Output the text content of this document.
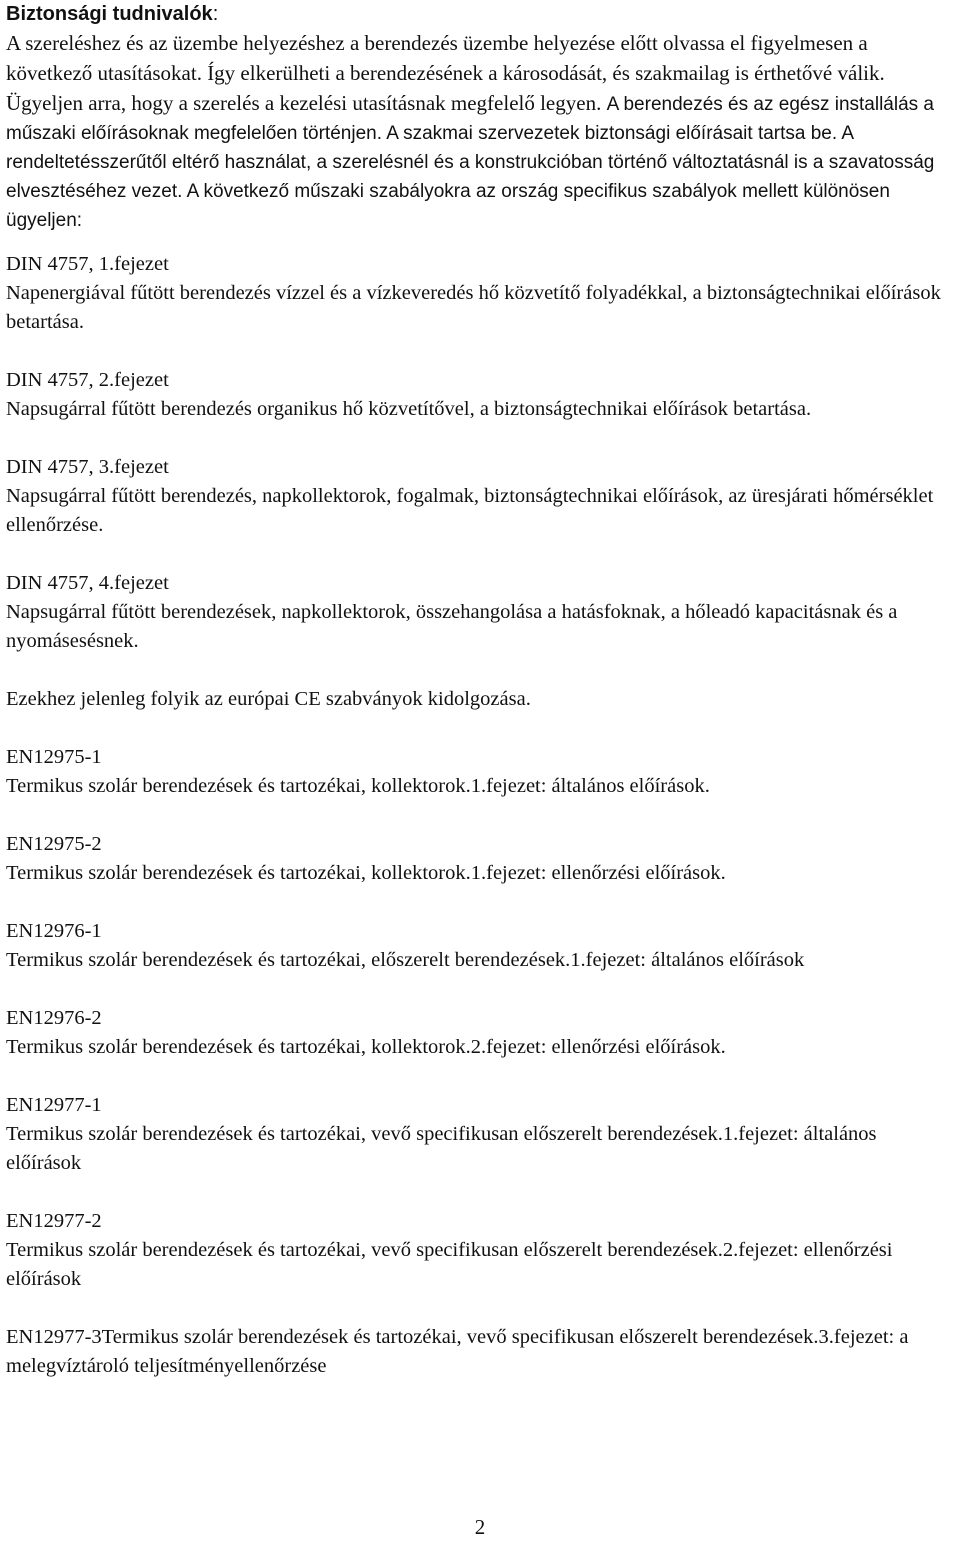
Biztonsági tudnivalók:

A szereléshez és az üzembe helyezéshez a berendezés üzembe helyezése előtt olvassa el figyelmesen a következő utasításokat. Így elkerülheti a berendezésének a károsodását, és szakmailag is érthetővé válik. Ügyeljen arra, hogy a szerelés a kezelési utasításnak megfelelő legyen. A berendezés és az egész installálás a műszaki előírásoknak megfelelően történjen. A szakmai szervezetek biztonsági előírásait tartsa be. A rendeltetésszerűtől eltérő használat, a szerelésnél és a konstrukcióban történő változtatásnál is a szavatosság elvesztéséhez vezet. A következő műszaki szabályokra az ország specifikus szabályok mellett különösen ügyeljen:

DIN 4757, 1.fejezet
Napenergiával fűtött berendezés vízzel és a vízkeveredés hő közvetítő folyadékkal, a biztonságtechnikai előírások betartása.
DIN 4757, 2.fejezet
Napsugárral fűtött berendezés organikus hő közvetítővel, a biztonságtechnikai előírások betartása.
DIN 4757, 3.fejezet
Napsugárral fűtött berendezés, napkollektorok, fogalmak, biztonságtechnikai előírások, az üresjárati hőmérséklet ellenőrzése.
DIN 4757, 4.fejezet
Napsugárral fűtött berendezések, napkollektorok, összehangolása a hatásfoknak, a hőleadó kapacitásnak és a nyomásesésnek.
Ezekhez jelenleg folyik az európai CE szabványok kidolgozása.
EN12975-1
Termikus szolár berendezések és tartozékai, kollektorok.1.fejezet: általános előírások.
EN12975-2
Termikus szolár berendezések és tartozékai, kollektorok.1.fejezet: ellenőrzési előírások.
EN12976-1
Termikus szolár berendezések és tartozékai, előszerelt berendezések.1.fejezet: általános előírások
EN12976-2
Termikus szolár berendezések és tartozékai, kollektorok.2.fejezet: ellenőrzési előírások.
EN12977-1
Termikus szolár berendezések és tartozékai, vevő specifikusan előszerelt berendezések.1.fejezet: általános előírások
EN12977-2
Termikus szolár berendezések és tartozékai, vevő specifikusan előszerelt berendezések.2.fejezet: ellenőrzési előírások
EN12977-3Termikus szolár berendezések és tartozékai, vevő specifikusan előszerelt berendezések.3.fejezet: a melegvíztároló teljesítményellenőrzése
2
